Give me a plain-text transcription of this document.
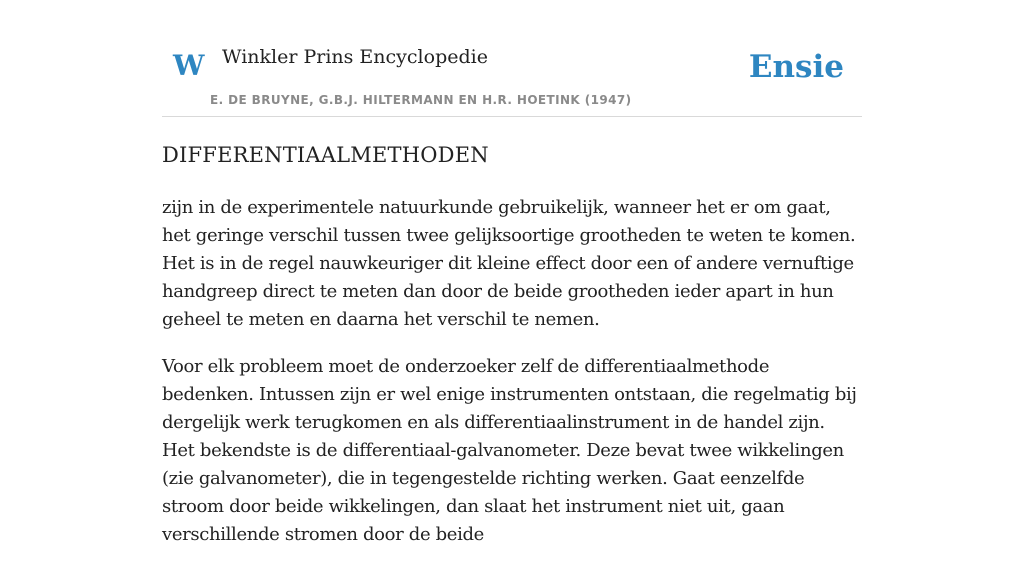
W Winkler Prins Encyclopedie
E. DE BRUYNE, G.B.J. HILTERMANN EN H.R. HOETINK (1947)
Ensie
DIFFERENTIAALMETHODEN

zijn in de experimentele natuurkunde gebruikelijk, wanneer het er om gaat, het geringe verschil tussen twee gelijksoortige grootheden te weten te komen. Het is in de regel nauwkeuriger dit kleine effect door een of andere vernuftige handgreep direct te meten dan door de beide grootheden ieder apart in hun geheel te meten en daarna het verschil te nemen.

Voor elk probleem moet de onderzoeker zelf de differentiaalmethode bedenken. Intussen zijn er wel enige instrumenten ontstaan, die regelmatig bij dergelijk werk terugkomen en als differentiaalinstrument in de handel zijn. Het bekendste is de differentiaal-galvanometer. Deze bevat twee wikkelingen (zie galvanometer), die in tegengestelde richting werken. Gaat eenzelfde stroom door beide wikkelingen, dan slaat het instrument niet uit, gaan verschillende stromen door de beide
